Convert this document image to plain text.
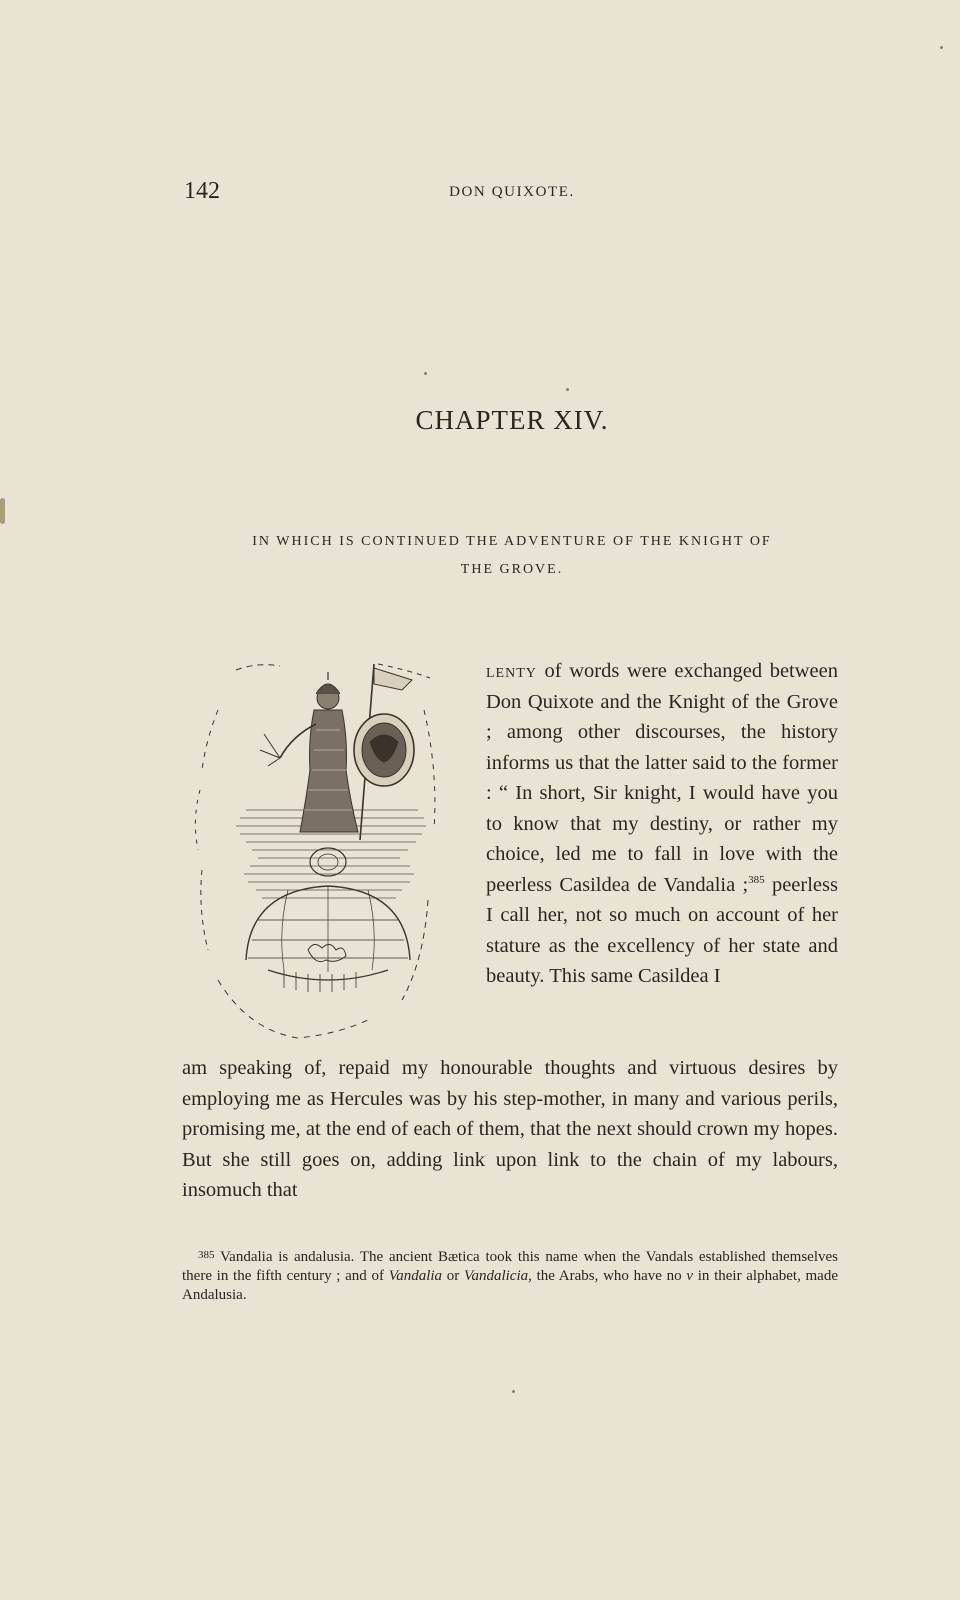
142	DON QUIXOTE.
CHAPTER XIV.
IN WHICH IS CONTINUED THE ADVENTURE OF THE KNIGHT OF
THE GROVE.

lenty of words were exchanged between Don Quixote and the Knight of the Grove ; among other discourses, the history informs us that the latter said to the former : “ In short, Sir knight, I would have you to know that my destiny, or rather my choice, led me to fall in love with the peerless Casildea de Vandalia ;$^{385}$ peerless I call her, not so much on account of her stature as the excellency of her state and beauty. This same Casildea I

am speaking of, repaid my honourable thoughts and virtuous desires by employing me as Hercules was by his step-mother, in many and various perils, promising me, at the end of each of them, that the next should crown my hopes. But she still goes on, adding link upon link to the chain of my labours, insomuch that

$^{385}$ Vandalia is andalusia. The ancient Bætica took this name when the Vandals established themselves there in the fifth century ; and of Vandalia or Vandalicia, the Arabs, who have no v in their alphabet, made Andalusia.
